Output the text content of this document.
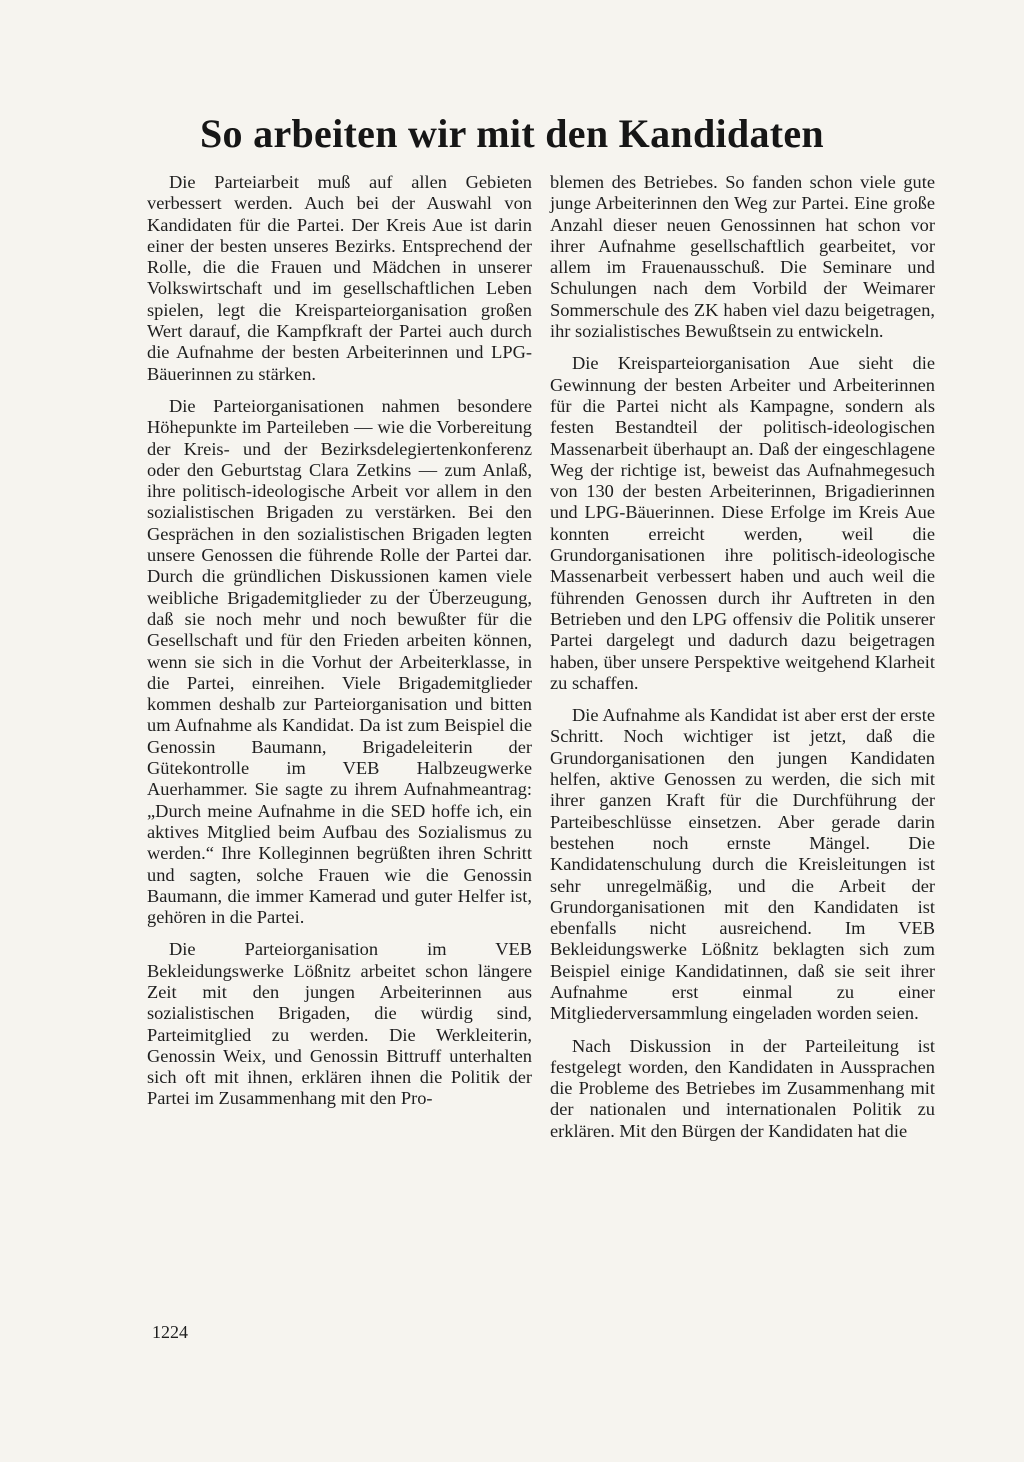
So arbeiten wir mit den Kandidaten

Die Parteiarbeit muß auf allen Gebieten verbessert werden. Auch bei der Auswahl von Kandidaten für die Partei. Der Kreis Aue ist darin einer der besten unseres Bezirks. Entsprechend der Rolle, die die Frauen und Mädchen in unserer Volkswirtschaft und im gesellschaftlichen Leben spielen, legt die Kreisparteiorganisation großen Wert darauf, die Kampfkraft der Partei auch durch die Aufnahme der besten Arbeiterinnen und LPG-Bäuerinnen zu stärken.

Die Parteiorganisationen nahmen besondere Höhepunkte im Parteileben — wie die Vorbereitung der Kreis- und der Bezirksdelegiertenkonferenz oder den Geburtstag Clara Zetkins — zum Anlaß, ihre politisch-ideologische Arbeit vor allem in den sozialistischen Brigaden zu verstärken. Bei den Gesprächen in den sozialistischen Brigaden legten unsere Genossen die führende Rolle der Partei dar. Durch die gründlichen Diskussionen kamen viele weibliche Brigademitglieder zu der Überzeugung, daß sie noch mehr und noch bewußter für die Gesellschaft und für den Frieden arbeiten können, wenn sie sich in die Vorhut der Arbeiterklasse, in die Partei, einreihen. Viele Brigademitglieder kommen deshalb zur Parteiorganisation und bitten um Aufnahme als Kandidat. Da ist zum Beispiel die Genossin Baumann, Brigadeleiterin der Gütekontrolle im VEB Halbzeugwerke Auerhammer. Sie sagte zu ihrem Aufnahmeantrag: „Durch meine Aufnahme in die SED hoffe ich, ein aktives Mitglied beim Aufbau des Sozialismus zu werden.“ Ihre Kolleginnen begrüßten ihren Schritt und sagten, solche Frauen wie die Genossin Baumann, die immer Kamerad und guter Helfer ist, gehören in die Partei.

Die Parteiorganisation im VEB Bekleidungswerke Lößnitz arbeitet schon längere Zeit mit den jungen Arbeiterinnen aus sozialistischen Brigaden, die würdig sind, Parteimitglied zu werden. Die Werkleiterin, Genossin Weix, und Genossin Bittruff unterhalten sich oft mit ihnen, erklären ihnen die Politik der Partei im Zusammenhang mit den Pro-

blemen des Betriebes. So fanden schon viele gute junge Arbeiterinnen den Weg zur Partei. Eine große Anzahl dieser neuen Genossinnen hat schon vor ihrer Aufnahme gesellschaftlich gearbeitet, vor allem im Frauenausschuß. Die Seminare und Schulungen nach dem Vorbild der Weimarer Sommerschule des ZK haben viel dazu beigetragen, ihr sozialistisches Bewußtsein zu entwickeln.

Die Kreisparteiorganisation Aue sieht die Gewinnung der besten Arbeiter und Arbeiterinnen für die Partei nicht als Kampagne, sondern als festen Bestandteil der politisch-ideologischen Massenarbeit überhaupt an. Daß der eingeschlagene Weg der richtige ist, beweist das Aufnahmegesuch von 130 der besten Arbeiterinnen, Brigadierinnen und LPG-Bäuerinnen. Diese Erfolge im Kreis Aue konnten erreicht werden, weil die Grundorganisationen ihre politisch-ideologische Massenarbeit verbessert haben und auch weil die führenden Genossen durch ihr Auftreten in den Betrieben und den LPG offensiv die Politik unserer Partei dargelegt und dadurch dazu beigetragen haben, über unsere Perspektive weitgehend Klarheit zu schaffen.

Die Aufnahme als Kandidat ist aber erst der erste Schritt. Noch wichtiger ist jetzt, daß die Grundorganisationen den jungen Kandidaten helfen, aktive Genossen zu werden, die sich mit ihrer ganzen Kraft für die Durchführung der Parteibeschlüsse einsetzen. Aber gerade darin bestehen noch ernste Mängel. Die Kandidatenschulung durch die Kreisleitungen ist sehr unregelmäßig, und die Arbeit der Grundorganisationen mit den Kandidaten ist ebenfalls nicht ausreichend. Im VEB Bekleidungswerke Lößnitz beklagten sich zum Beispiel einige Kandidatinnen, daß sie seit ihrer Aufnahme erst einmal zu einer Mitgliederversammlung eingeladen worden seien.

Nach Diskussion in der Parteileitung ist festgelegt worden, den Kandidaten in Aussprachen die Probleme des Betriebes im Zusammenhang mit der nationalen und internationalen Politik zu erklären. Mit den Bürgen der Kandidaten hat die

1224
